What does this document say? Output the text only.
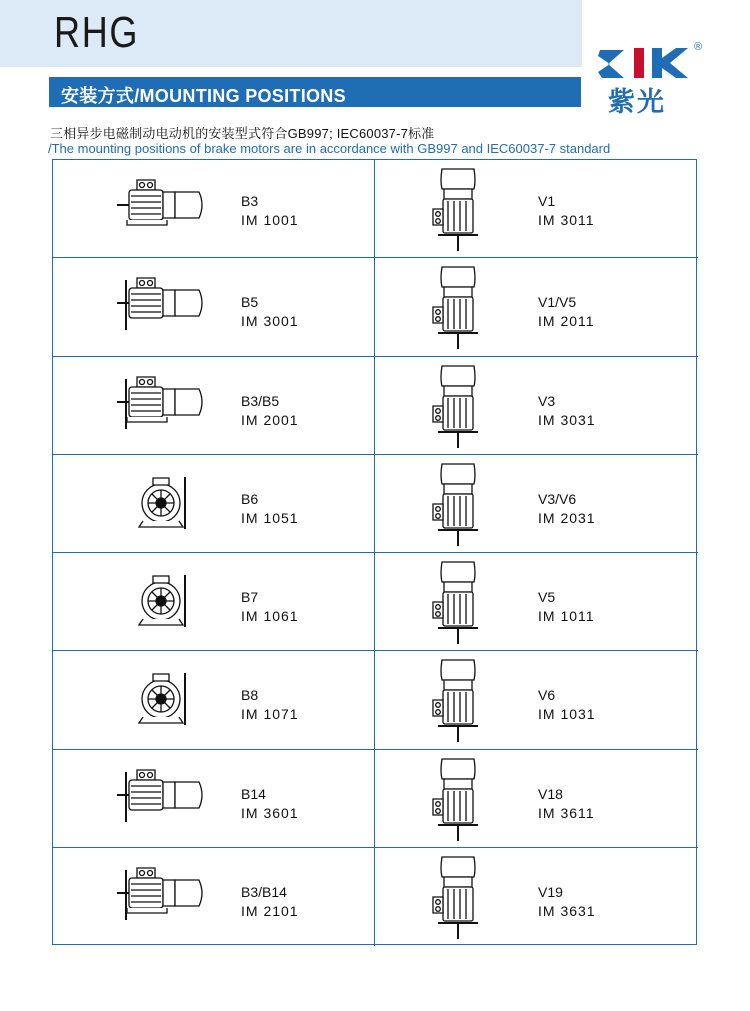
RHG
安装方式/MOUNTING POSITIONS
®
紫光
三相异步电磁制动电动机的安装型式符合GB997; IEC60037-7标准
/The mounting positions of brake motors are in accordance with GB997 and IEC60037-7 standard
B3
IM 1001
B5
IM 3001
B3/B5
IM 2001
B6
IM 1051
B7
IM 1061
B8
IM 1071
B14
IM 3601
B3/B14
IM 2101
V1
IM 3011
V1/V5
IM 2011
V3
IM 3031
V3/V6
IM 2031
V5
IM 1011
V6
IM 1031
V18
IM 3611
V19
IM 3631
